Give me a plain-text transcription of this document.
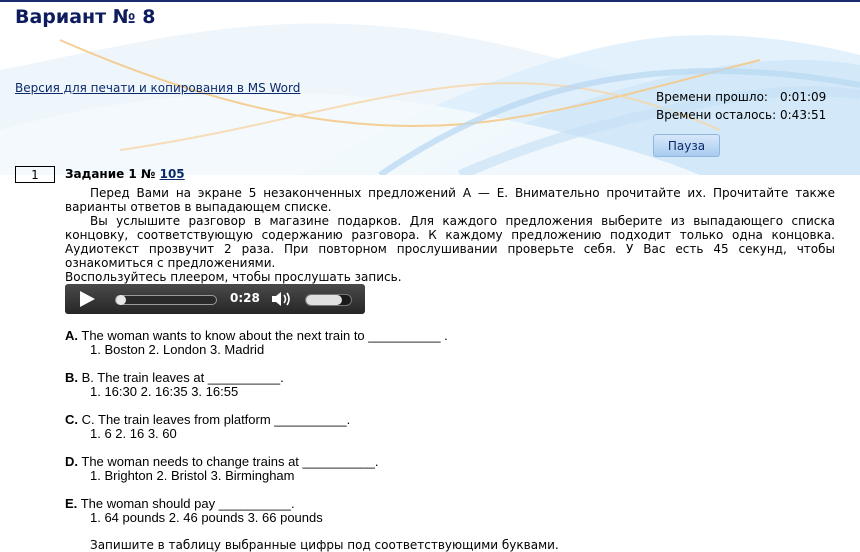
Вариант № 8
Версия для печати и копирования в MS Word
Времени прошло: 0:01:09
Времени осталось: 0:43:51
Пауза
1	Задание 1 № 105

Перед Вами на экране 5 незаконченных предложений А — Е. Внимательно прочитайте их. Прочитайте также варианты ответов в выпадающем списке.

Вы услышите разговор в магазине подарков. Для каждого предложения выберите из выпадающего списка концовку, соответствующую содержанию разговора. К каждому предложению подходит только одна концовка. Аудиотекст прозвучит 2 раза. При повторном прослушивании проверьте себя. У Вас есть 45 секунд, чтобы ознакомиться с предложениями.

Воспользуйтесь плеером, чтобы прослушать запись.

0:28
A. The woman wants to know about the next train to __________ .
1. Boston 2. London 3. Madrid
B. B. The train leaves at __________.
1. 16:30 2. 16:35 3. 16:55
C. C. The train leaves from platform __________.
1. 6 2. 16 3. 60
D. The woman needs to change trains at __________.
1. Brighton 2. Bristol 3. Birmingham
E. The woman should pay __________.
1. 64 pounds 2. 46 pounds 3. 66 pounds
Запишите в таблицу выбранные цифры под соответствующими буквами.
